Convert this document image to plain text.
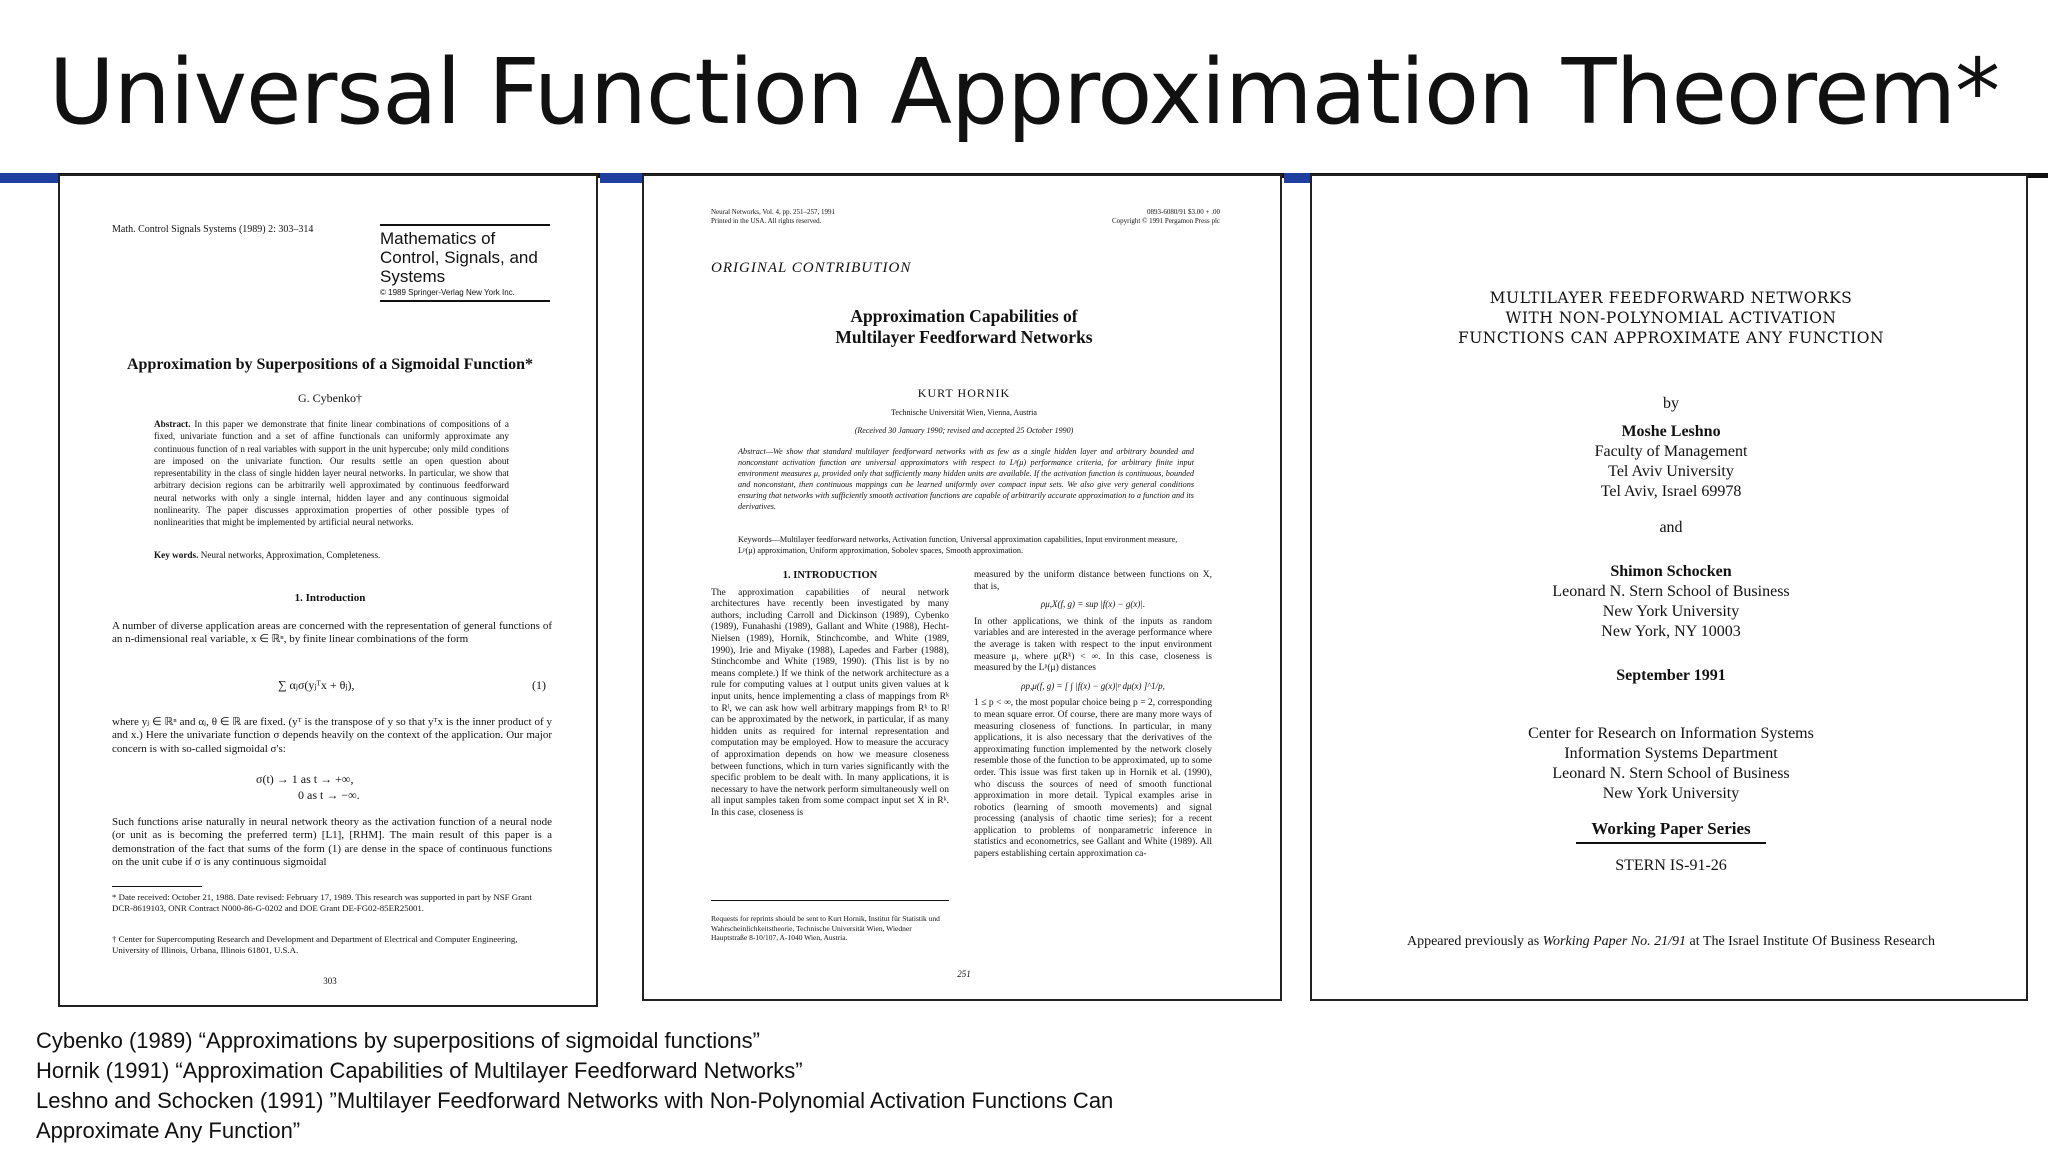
Universal Function Approximation Theorem*
Math. Control Signals Systems (1989) 2: 303–314	Mathematics of Control, Signals, and Systems
© 1989 Springer-Verlag New York Inc.
Approximation by Superpositions of a Sigmoidal Function*
G. Cybenko†
Abstract. In this paper we demonstrate that finite linear combinations of compositions of a fixed, univariate function and a set of affine functionals can uniformly approximate any continuous function of n real variables with support in the unit hypercube; only mild conditions are imposed on the univariate function. Our results settle an open question about representability in the class of single hidden layer neural networks. In particular, we show that arbitrary decision regions can be arbitrarily well approximated by continuous feedforward neural networks with only a single internal, hidden layer and any continuous sigmoidal nonlinearity. The paper discusses approximation properties of other possible types of nonlinearities that might be implemented by artificial neural networks.
Key words. Neural networks, Approximation, Completeness.
1. Introduction
A number of diverse application areas are concerned with the representation of general functions of an n-dimensional real variable, x ∈ ℝⁿ, by finite linear combinations of the form
∑ αⱼσ(yⱼᵀx + θⱼ),	(1)
where yⱼ ∈ ℝⁿ and αⱼ, θ ∈ ℝ are fixed. (yᵀ is the transpose of y so that yᵀx is the inner product of y and x.) Here the univariate function σ depends heavily on the context of the application. Our major concern is with so-called sigmoidal σ's:
σ(t) → 1 as t → +∞,
0 as t → −∞.
Such functions arise naturally in neural network theory as the activation function of a neural node (or unit as is becoming the preferred term) [L1], [RHM]. The main result of this paper is a demonstration of the fact that sums of the form (1) are dense in the space of continuous functions on the unit cube if σ is any continuous sigmoidal
* Date received: October 21, 1988. Date revised: February 17, 1989. This research was supported in part by NSF Grant DCR-8619103, ONR Contract N000-86-G-0202 and DOE Grant DE-FG02-85ER25001.
† Center for Supercomputing Research and Development and Department of Electrical and Computer Engineering, University of Illinois, Urbana, Illinois 61801, U.S.A.
303
Neural Networks, Vol. 4, pp. 251–257, 1991
Printed in the USA. All rights reserved.
0893-6080/91 $3.00 + .00
Copyright © 1991 Pergamon Press plc
ORIGINAL CONTRIBUTION
Approximation Capabilities of Multilayer Feedforward Networks
KURT HORNIK
Technische Universität Wien, Vienna, Austria
(Received 30 January 1990; revised and accepted 25 October 1990)
Abstract—We show that standard multilayer feedforward networks with as few as a single hidden layer and arbitrary bounded and nonconstant activation function are universal approximators with respect to Lᵖ(μ) performance criteria, for arbitrary finite input environment measures μ, provided only that sufficiently many hidden units are available. If the activation function is continuous, bounded and nonconstant, then continuous mappings can be learned uniformly over compact input sets. We also give very general conditions ensuring that networks with sufficiently smooth activation functions are capable of arbitrarily accurate approximation to a function and its derivatives.
Keywords—Multilayer feedforward networks, Activation function, Universal approximation capabilities, Input environment measure, Lᵖ(μ) approximation, Uniform approximation, Sobolev spaces, Smooth approximation.
1. INTRODUCTION
The approximation capabilities of neural network architectures have recently been investigated by many authors, including Carroll and Dickinson (1989), Cybenko (1989), Funahashi (1989), Gallant and White (1988), Hecht-Nielsen (1989), Hornik, Stinchcombe, and White (1989, 1990), Irie and Miyake (1988), Lapedes and Farber (1988), Stinchcombe and White (1989, 1990). (This list is by no means complete.) If we think of the network architecture as a rule for computing values at l output units given values at k input units, hence implementing a class of mappings from Rᵏ to Rˡ, we can ask how well arbitrary mappings from Rᵏ to Rˡ can be approximated by the network, in particular, if as many hidden units as required for internal representation and computation may be employed. How to measure the accuracy of approximation depends on how we measure closeness between functions, which in turn varies significantly with the specific problem to be dealt with. In many applications, it is necessary to have the network perform simultaneously well on all input samples taken from some compact input set X in Rᵏ. In this case, closeness is
measured by the uniform distance between functions on X, that is,
ρμ,X(f, g) = sup |f(x) − g(x)|.
In other applications, we think of the inputs as random variables and are interested in the average performance where the average is taken with respect to the input environment measure μ, where μ(Rᵏ) < ∞. In this case, closeness is measured by the Lᵖ(μ) distances
ρp,μ(f, g) = [ ∫ |f(x) − g(x)|ᵖ dμ(x) ]^1/p,
1 ≤ p < ∞, the most popular choice being p = 2, corresponding to mean square error. Of course, there are many more ways of measuring closeness of functions. In particular, in many applications, it is also necessary that the derivatives of the approximating function implemented by the network closely resemble those of the function to be approximated, up to some order. This issue was first taken up in Hornik et al. (1990), who discuss the sources of need of smooth functional approximation in more detail. Typical examples arise in robotics (learning of smooth movements) and signal processing (analysis of chaotic time series); for a recent application to problems of nonparametric inference in statistics and econometrics, see Gallant and White (1989). All papers establishing certain approximation ca-
Requests for reprints should be sent to Kurt Hornik, Institut für Statistik und Wahrscheinlichkeitstheorie, Technische Universität Wien, Wiedner Hauptstraße 8-10/107, A-1040 Wien, Austria.
251
MULTILAYER FEEDFORWARD NETWORKS
WITH NON-POLYNOMIAL ACTIVATION
FUNCTIONS CAN APPROXIMATE ANY FUNCTION
by
Moshe Leshno
Faculty of Management
Tel Aviv University
Tel Aviv, Israel 69978
and
Shimon Schocken
Leonard N. Stern School of Business
New York University
New York, NY 10003
September 1991
Center for Research on Information Systems
Information Systems Department
Leonard N. Stern School of Business
New York University
Working Paper Series
STERN IS-91-26
Appeared previously as Working Paper No. 21/91 at The Israel Institute Of Business Research
Cybenko (1989) “Approximations by superpositions of sigmoidal functions”
Hornik (1991) “Approximation Capabilities of Multilayer Feedforward Networks”
Leshno and Schocken (1991) ”Multilayer Feedforward Networks with Non-Polynomial Activation Functions Can Approximate Any Function”
